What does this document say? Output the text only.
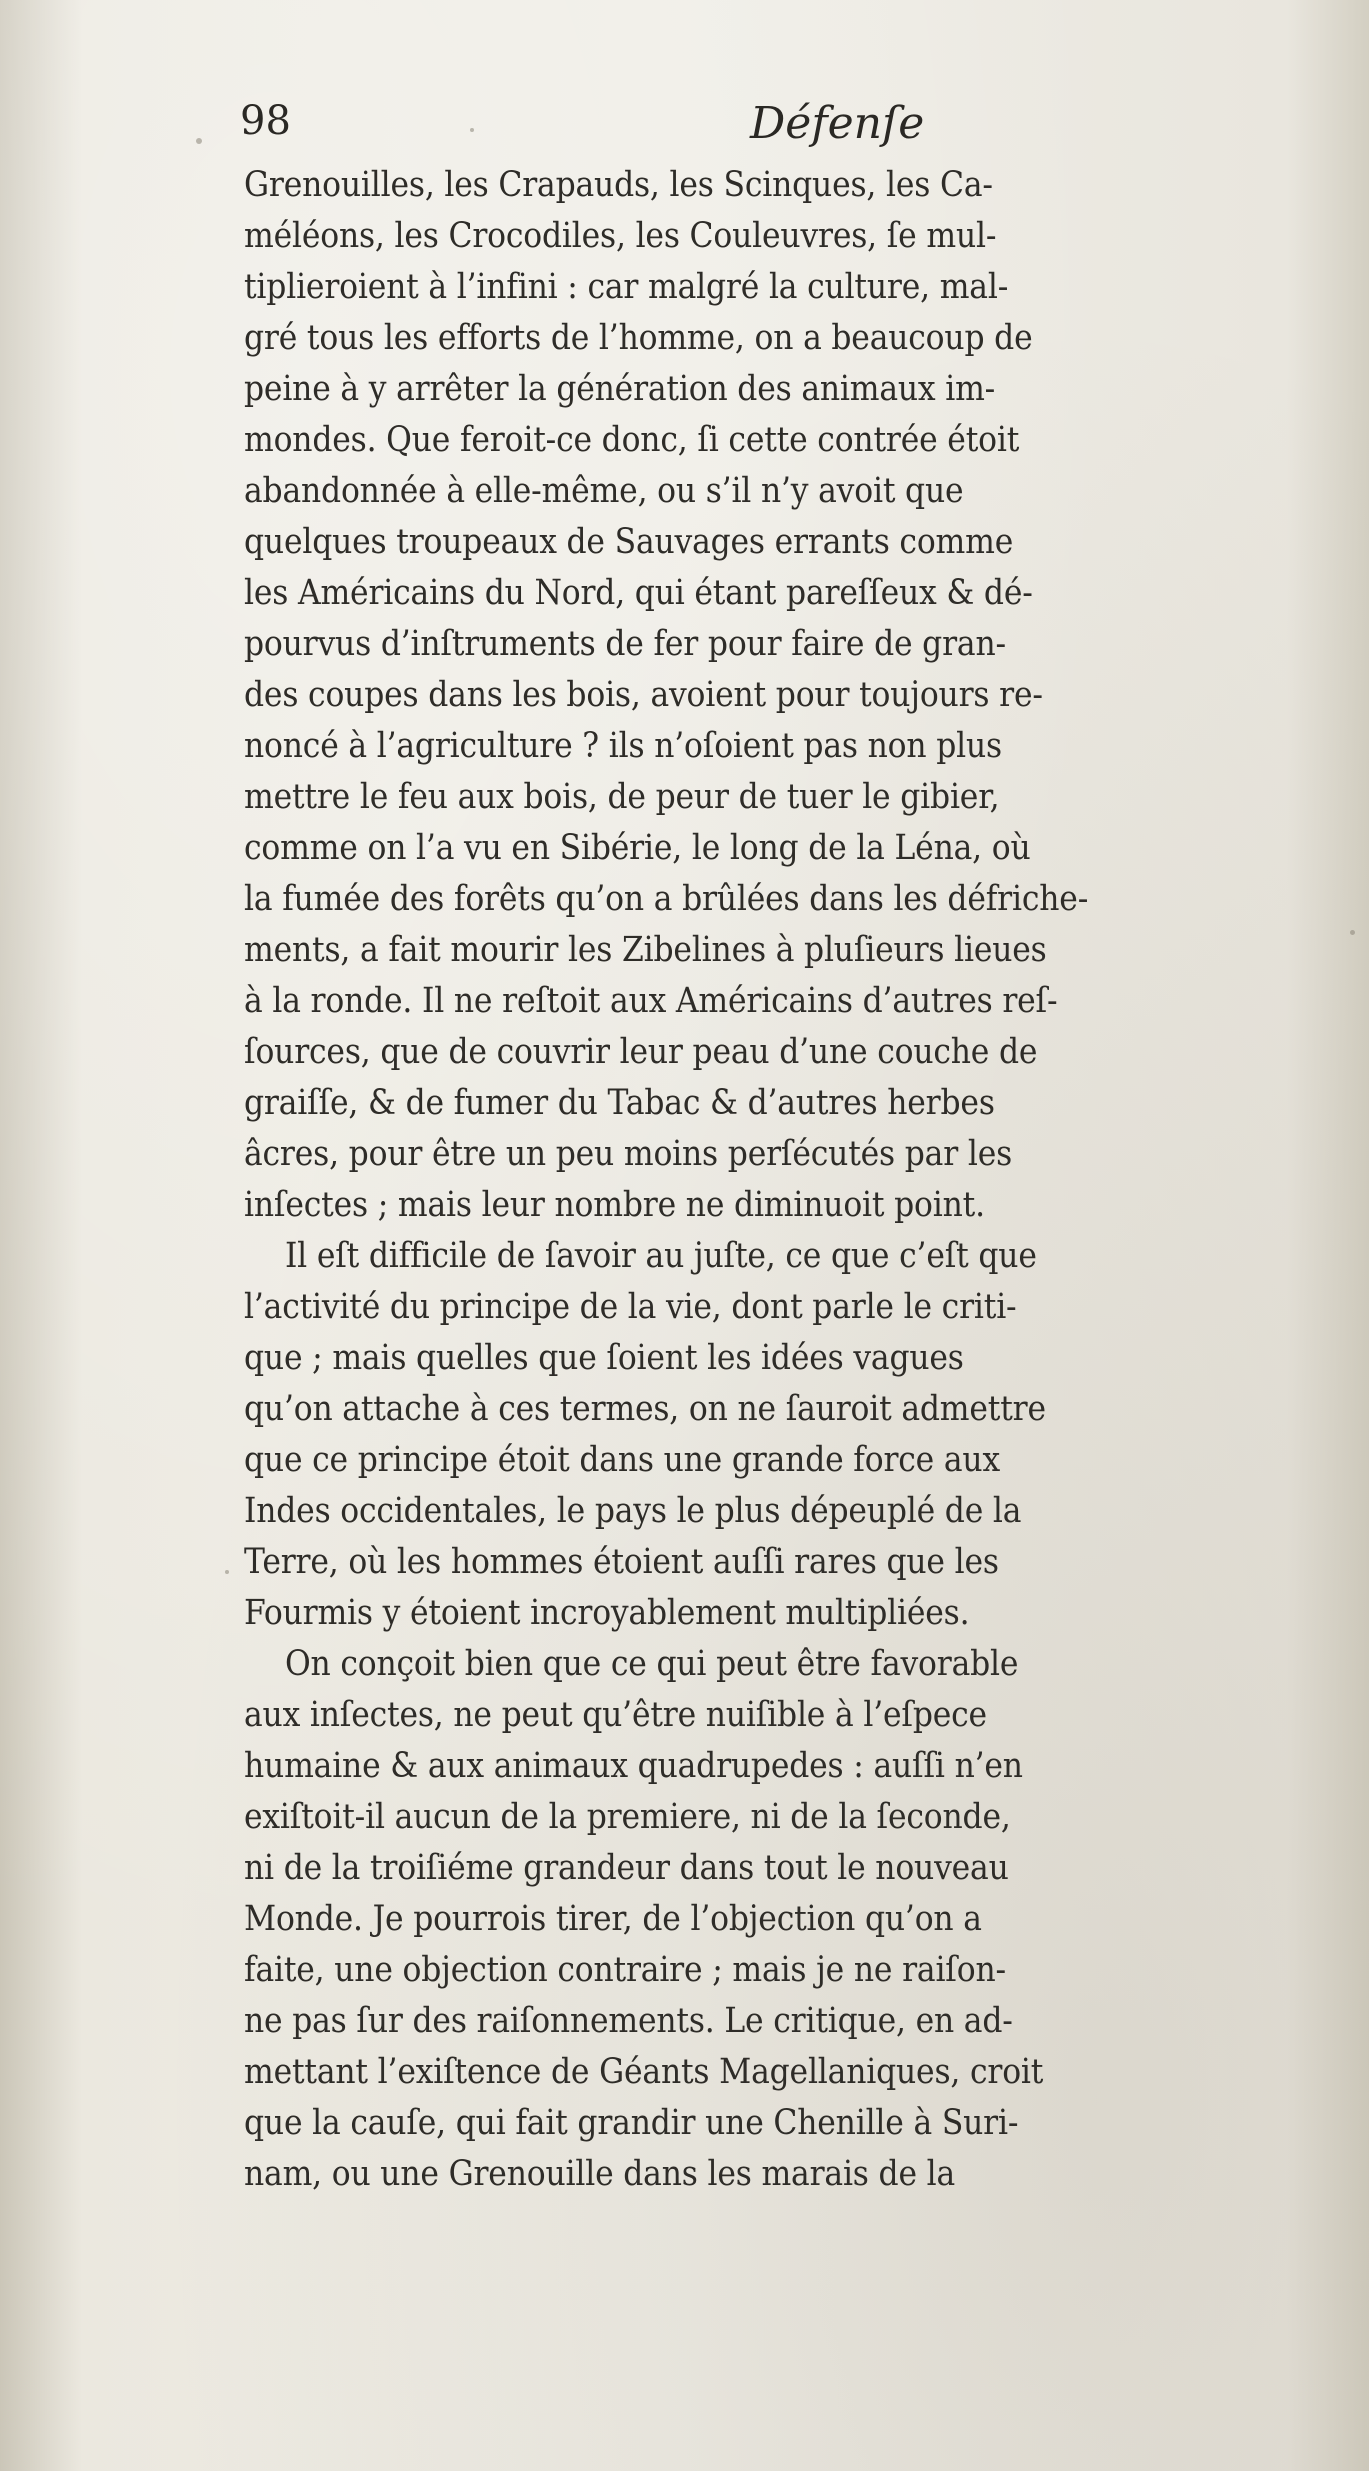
98	Défenſe
Grenouilles, les Crapauds, les Scinques, les Ca-
méléons, les Crocodiles, les Couleuvres, ſe mul-
tiplieroient à l’infini : car malgré la culture, mal-
gré tous les efforts de l’homme, on a beaucoup de
peine à y arrêter la génération des animaux im-
mondes. Que feroit-ce donc, ſi cette contrée étoit
abandonnée à elle-même, ou s’il n’y avoit que
quelques troupeaux de Sauvages errants comme
les Américains du Nord, qui étant pareſſeux & dé-
pourvus d’inſtruments de fer pour faire de gran-
des coupes dans les bois, avoient pour toujours re-
noncé à l’agriculture ? ils n’oſoient pas non plus
mettre le feu aux bois, de peur de tuer le gibier,
comme on l’a vu en Sibérie, le long de la Léna, où
la fumée des forêts qu’on a brûlées dans les défriche-
ments, a fait mourir les Zibelines à pluſieurs lieues
à la ronde. Il ne reſtoit aux Américains d’autres reſ-
ſources, que de couvrir leur peau d’une couche de
graiſſe, & de fumer du Tabac & d’autres herbes
âcres, pour être un peu moins perſécutés par les
inſectes ; mais leur nombre ne diminuoit point.
Il eſt difficile de ſavoir au juſte, ce que c’eſt que
l’activité du principe de la vie, dont parle le criti-
que ; mais quelles que ſoient les idées vagues
qu’on attache à ces termes, on ne ſauroit admettre
que ce principe étoit dans une grande force aux
Indes occidentales, le pays le plus dépeuplé de la
Terre, où les hommes étoient auſſi rares que les
Fourmis y étoient incroyablement multipliées.
On conçoit bien que ce qui peut être favorable
aux inſectes, ne peut qu’être nuiſible à l’eſpece
humaine & aux animaux quadrupedes : auſſi n’en
exiſtoit-il aucun de la premiere, ni de la ſeconde,
ni de la troiſiéme grandeur dans tout le nouveau
Monde. Je pourrois tirer, de l’objection qu’on a
faite, une objection contraire ; mais je ne raiſon-
ne pas ſur des raiſonnements. Le critique, en ad-
mettant l’exiſtence de Géants Magellaniques, croit
que la cauſe, qui fait grandir une Chenille à Suri-
nam, ou une Grenouille dans les marais de la
